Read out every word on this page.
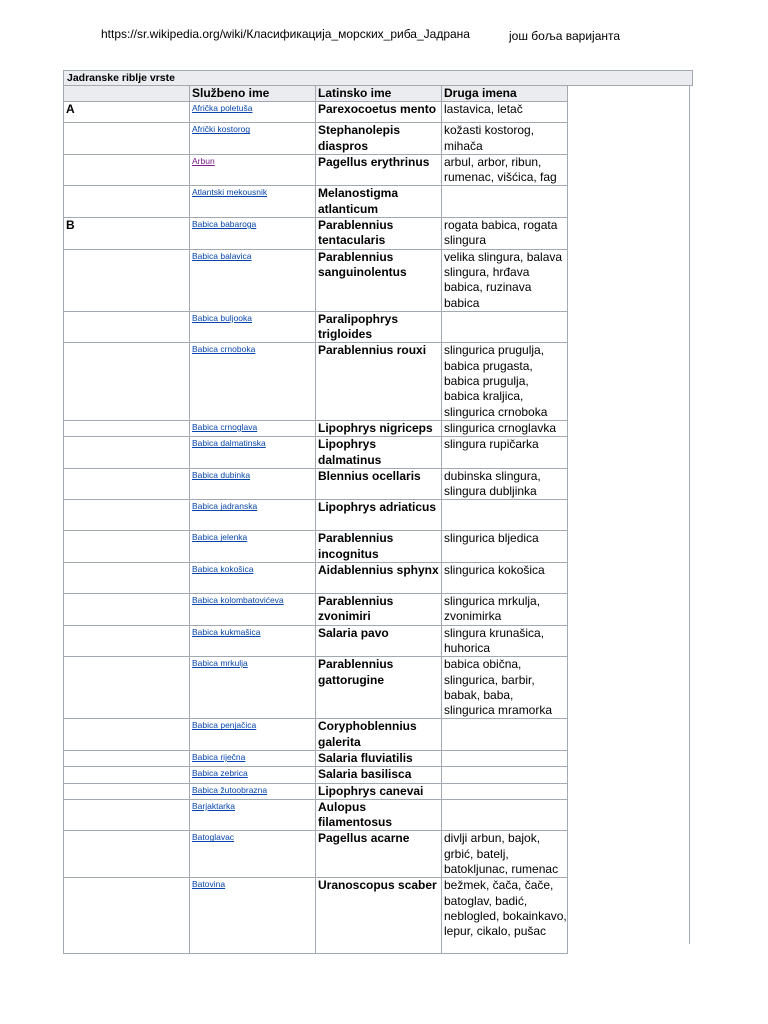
https://sr.wikipedia.org/wiki/Класификација_морских_риба_Јадрана	још боља варијанта
Jadranske riblje vrste
	Službeno ime	Latinsko ime	Druga imena
A	Afrička poletuša	Parexocoetus mento	lastavica, letač
	Afrički kostorog	Stephanolepis diaspros	kožasti kostorog, mihača
	Arbun	Pagellus erythrinus	arbul, arbor, ribun, rumenac, višćica, fag
	Atlantski mekousnik	Melanostigma atlanticum	
B	Babica babaroga	Parablennius tentacularis	rogata babica, rogata slingura
	Babica balavica	Parablennius sanguinolentus	velika slingura, balava slingura, hrđava babica, ruzinava babica
	Babica buljooka	Paralipophrys trigloides	
	Babica crnoboka	Parablennius rouxi	slingurica prugulja, babica prugasta, babica prugulja, babica kraljica, slingurica crnoboka
	Babica crnoglava	Lipophrys nigriceps	slingurica crnoglavka
	Babica dalmatinska	Lipophrys dalmatinus	slingura rupičarka
	Babica dubinka	Blennius ocellaris	dubinska slingura, slingura dubljinka
	Babica jadranska	Lipophrys adriaticus	
	Babica jelenka	Parablennius incognitus	slingurica bljedica
	Babica kokošica	Aidablennius sphynx	slingurica kokošica
	Babica kolombatovićeva	Parablennius zvonimiri	slingurica mrkulja, zvonimirka
	Babica kukmašica	Salaria pavo	slingura krunašica, huhorica
	Babica mrkulja	Parablennius gattorugine	babica obična, slingurica, barbir, babak, baba, slingurica mramorka
	Babica penjačica	Coryphoblennius galerita	
	Babica riječna	Salaria fluviatilis	
	Babica zebrica	Salaria basilisca	
	Babica žutoobrazna	Lipophrys canevai	
	Barjaktarka	Aulopus filamentosus	
	Batoglavac	Pagellus acarne	divlji arbun, bajok, grbić, batelj, batokljunac, rumenac
	Batovina	Uranoscopus scaber	bežmek, čača, čače, batoglav, badić, neblogled, bokainkavo, lepur, cikalo, pušac
